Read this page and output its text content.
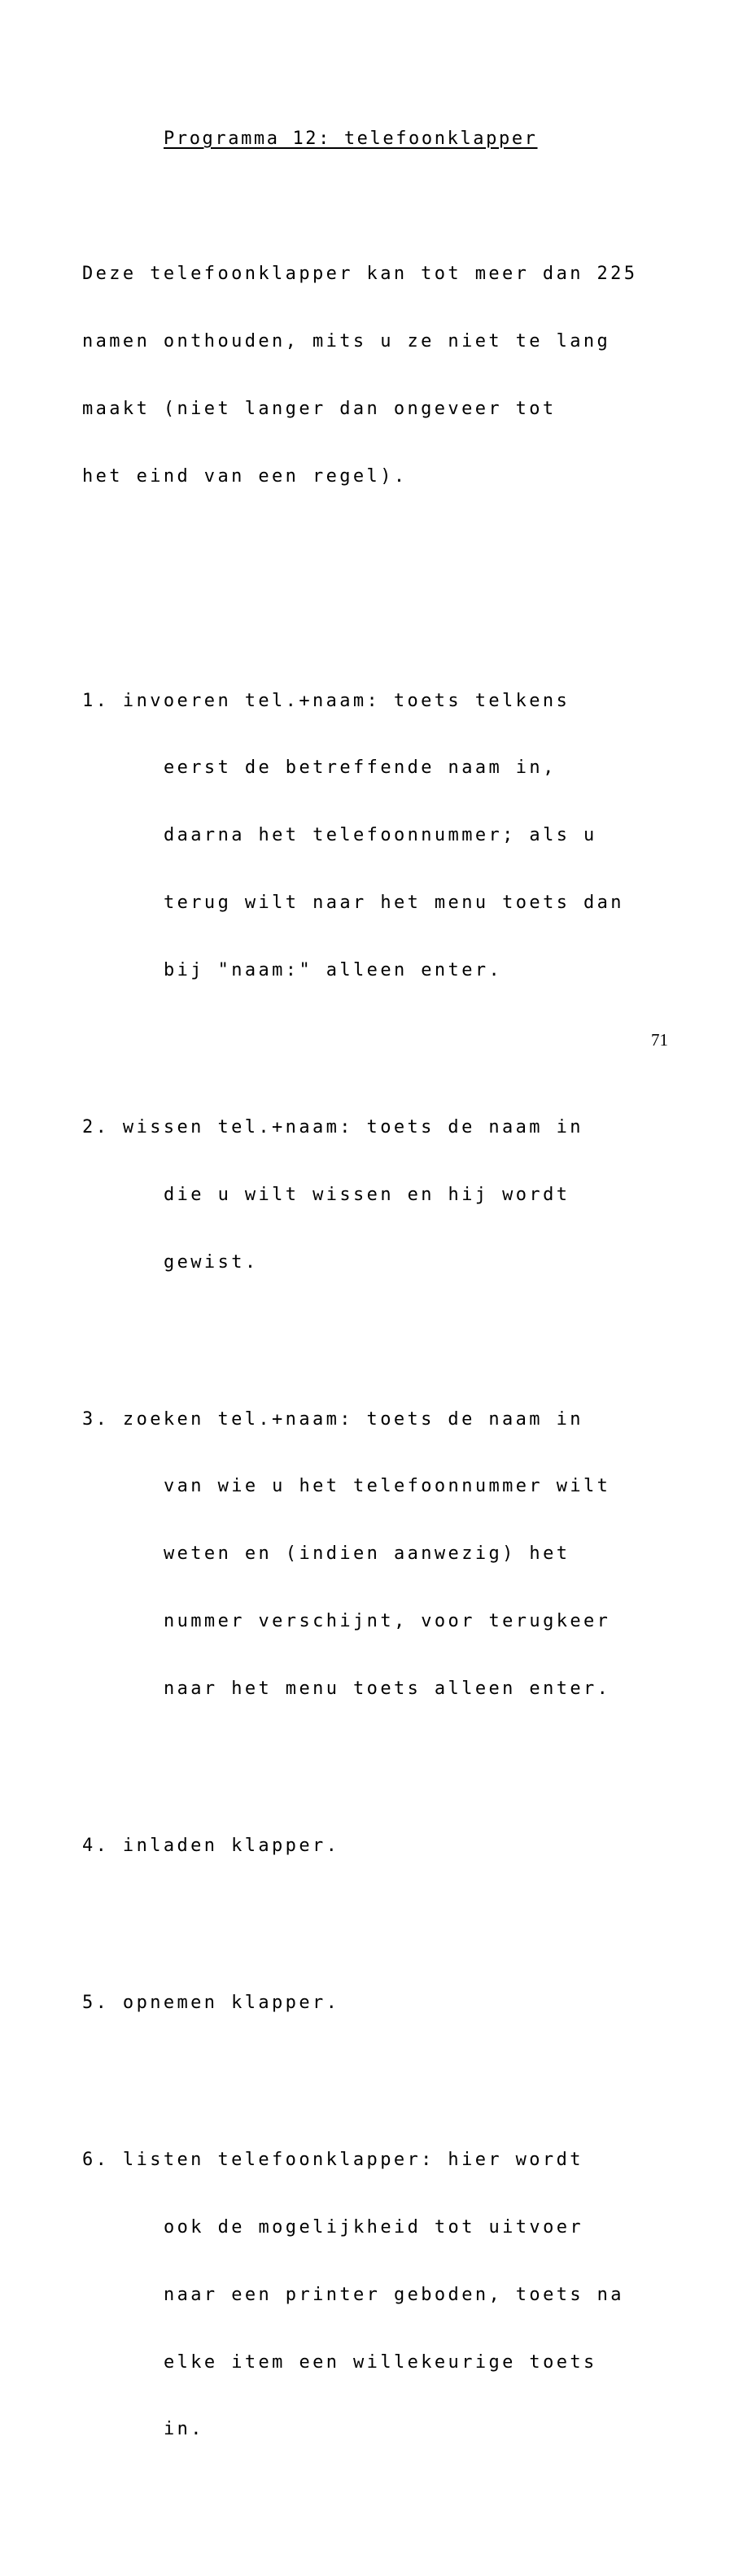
Programma 12: telefoonklapper

Deze telefoonklapper kan tot meer dan 225

namen onthouden, mits u ze niet te lang

maakt (niet langer dan ongeveer tot

het eind van een regel).

1. invoeren tel.+naam: toets telkens

eerst de betreffende naam in,

daarna het telefoonnummer; als u

terug wilt naar het menu toets dan

bij "naam:" alleen enter.

2. wissen tel.+naam: toets de naam in

die u wilt wissen en hij wordt

gewist.

3. zoeken tel.+naam: toets de naam in

van wie u het telefoonnummer wilt

weten en (indien aanwezig) het

nummer verschijnt, voor terugkeer

naar het menu toets alleen enter.

4. inladen klapper.

5. opnemen klapper.

6. listen telefoonklapper: hier wordt

ook de mogelijkheid tot uitvoer

naar een printer geboden, toets na

elke item een willekeurige toets

in.

71
